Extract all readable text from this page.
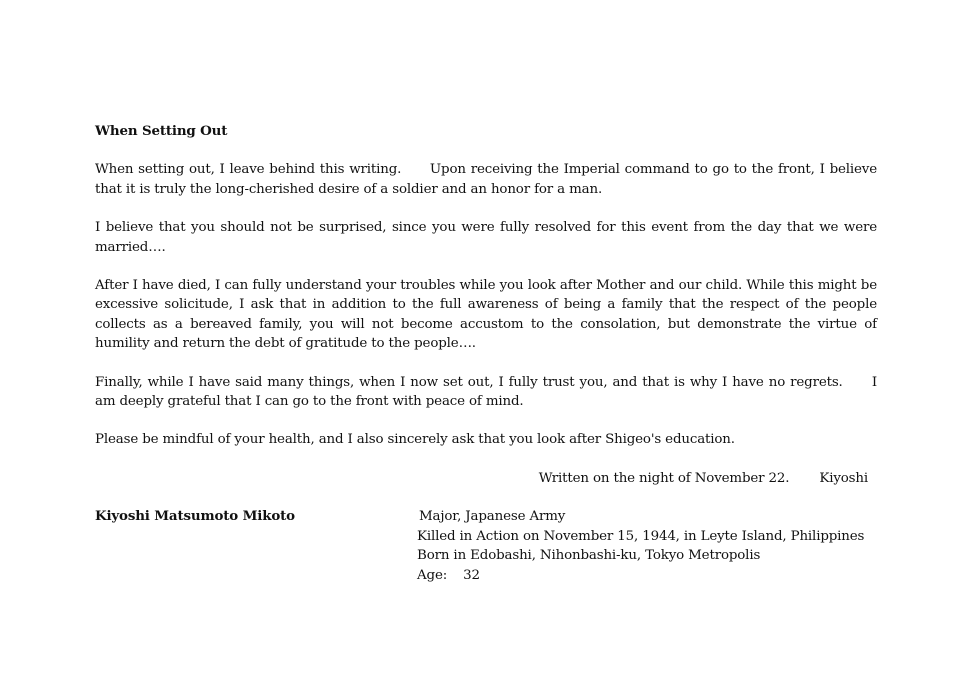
When Setting Out

When setting out, I leave behind this writing.　　Upon receiving the Imperial command to go to the front, I believe that it is truly the long-cherished desire of a soldier and an honor for a man.

I believe that you should not be surprised, since you were fully resolved for this event from the day that we were married….

After I have died, I can fully understand your troubles while you look after Mother and our child. While this might be excessive solicitude, I ask that in addition to the full awareness of being a family that the respect of the people collects as a bereaved family, you will not become accustom to the consolation, but demonstrate the virtue of humility and return the debt of gratitude to the people….

Finally, while I have said many things, when I now set out, I fully trust you, and that is why I have no regrets.　　I am deeply grateful that I can go to the front with peace of mind.

Please be mindful of your health, and I also sincerely ask that you look after Shigeo's education.

Written on the night of November 22. Kiyoshi
Kiyoshi Matsumoto Mikoto	Major, Japanese Army
Killed in Action on November 15, 1944, in Leyte Island, Philippines
Born in Edobashi, Nihonbashi-ku, Tokyo Metropolis
Age: 32
